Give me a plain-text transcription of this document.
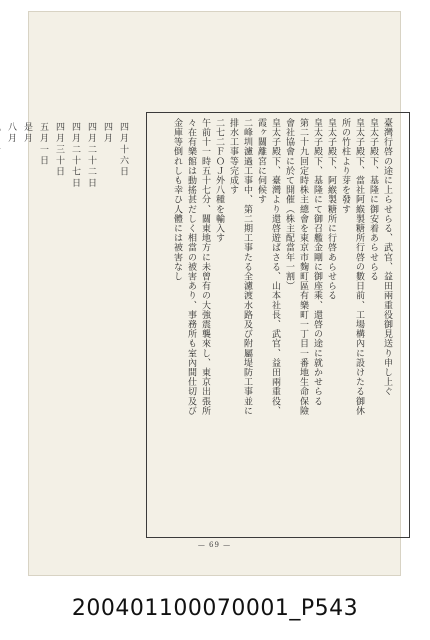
臺灣行啓の途に上らせらる、武官、益田兩重役御見送り申し上ぐ
皇太子殿下、基隆に御安着あらせらる
皇太子殿下、當社阿緱製糖所行啓の數日前、工場構內に設けたる御休
所の竹柱より芽を發す
皇太子殿下、阿緱製糖所に行啓あらせらる
皇太子殿下、基隆にて御召艦金剛に御座乘、還啓の途に就かせらる
第二十九回定時株主總會を東京市麴町區有樂町一丁目一番地生命保險
會社協會に於て開催（株主配當年一割）
皇太子殿下、臺灣より還啓遊ばさる、山本社長、武官、益田兩重役、
霞ヶ關離宮に伺候す
二峰圳濾過工事中、第二期工事たる全濾渡水路及び附屬堤防工事並に
排水工事等完成す
二七二ＦＯＪ外八種を輸入す
午前十一時五十七分、關東地方に未曾有の大強震襲來し、東京出張所
々在有樂館は動搖甚だしく相當の被害あり、事務所も室內間仕切及び
金庫等倒れしも幸ひ人體には被害なし
四月十六日
四月
四月二十二日
四月二十七日
四月三十日
五月一日
是月
八月
— 69 —
200401100070001_P543
